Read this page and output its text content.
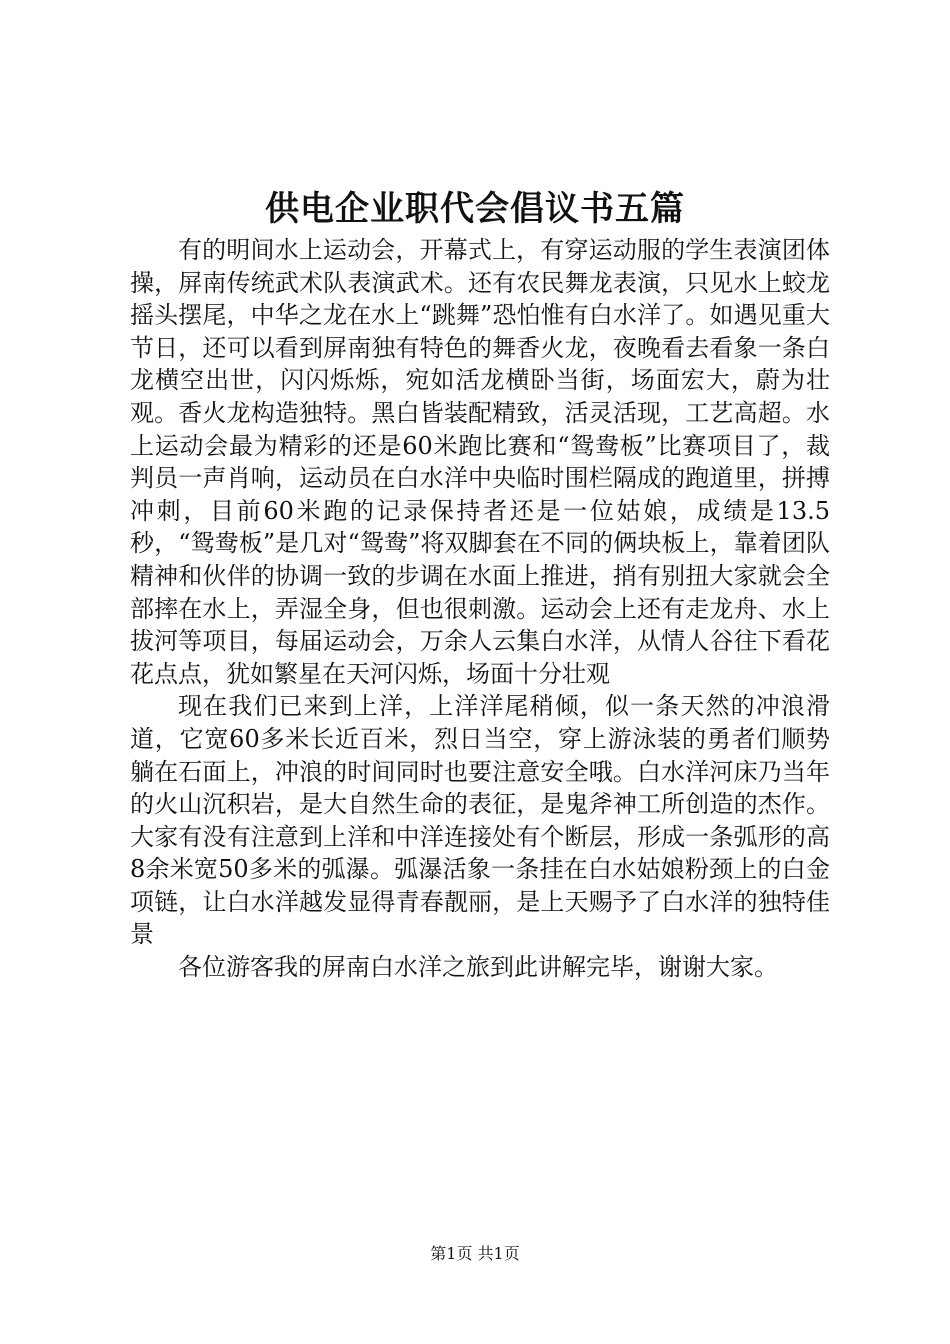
供电企业职代会倡议书五篇

有的明间水上运动会，开幕式上，有穿运动服的学生表演团体操，屏南传统武术队表演武术。还有农民舞龙表演，只见水上蛟龙摇头摆尾，中华之龙在水上“跳舞”恐怕惟有白水洋了。如遇见重大节日，还可以看到屏南独有特色的舞香火龙，夜晚看去看象一条白龙横空出世，闪闪烁烁，宛如活龙横卧当街，场面宏大，蔚为壮观。香火龙构造独特。黑白皆装配精致，活灵活现，工艺高超。水上运动会最为精彩的还是60米跑比赛和“鸳鸯板”比赛项目了，裁判员一声肖响，运动员在白水洋中央临时围栏隔成的跑道里，拼搏冲刺，目前60米跑的记录保持者还是一位姑娘，成绩是13.5秒，“鸳鸯板”是几对“鸳鸯”将双脚套在不同的俩块板上，靠着团队精神和伙伴的协调一致的步调在水面上推进，捎有别扭大家就会全部摔在水上，弄湿全身，但也很刺激。运动会上还有走龙舟、水上拔河等项目，每届运动会，万余人云集白水洋，从情人谷往下看花花点点，犹如繁星在天河闪烁，场面十分壮观

现在我们已来到上洋，上洋洋尾稍倾，似一条天然的冲浪滑道，它宽60多米长近百米，烈日当空，穿上游泳装的勇者们顺势躺在石面上，冲浪的时间同时也要注意安全哦。白水洋河床乃当年的火山沉积岩，是大自然生命的表征，是鬼斧神工所创造的杰作。大家有没有注意到上洋和中洋连接处有个断层，形成一条弧形的高8余米宽50多米的弧瀑。弧瀑活象一条挂在白水姑娘粉颈上的白金项链，让白水洋越发显得青春靓丽，是上天赐予了白水洋的独特佳景

各位游客我的屏南白水洋之旅到此讲解完毕，谢谢大家。

第1页 共1页
